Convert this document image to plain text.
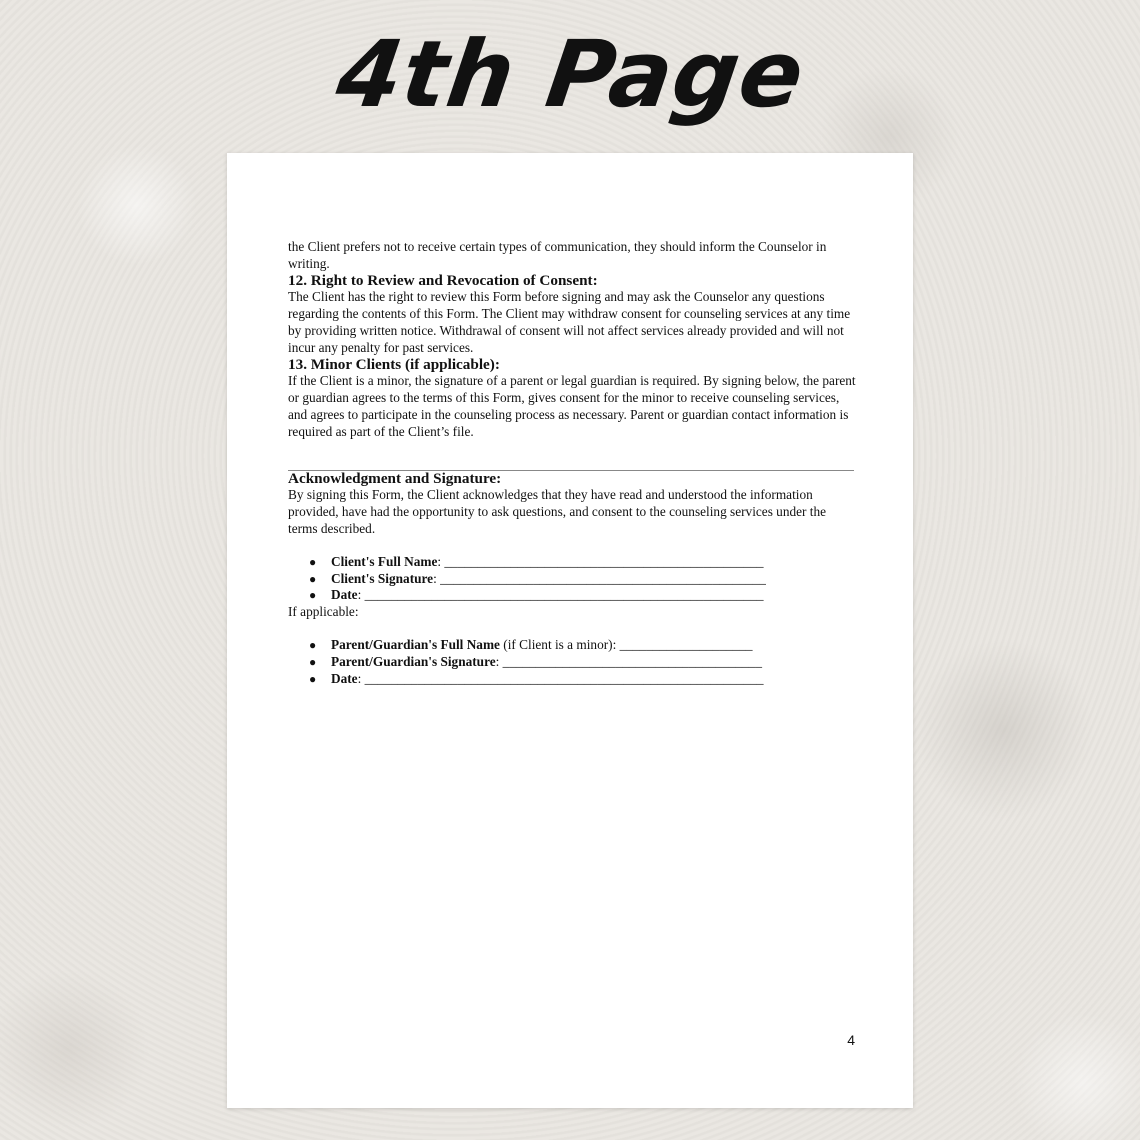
4th Page

the Client prefers not to receive certain types of communication, they should inform the Counselor in writing.

12. Right to Review and Revocation of Consent:

The Client has the right to review this Form before signing and may ask the Counselor any questions regarding the contents of this Form. The Client may withdraw consent for counseling services at any time by providing written notice. Withdrawal of consent will not affect services already provided and will not incur any penalty for past services.

13. Minor Clients (if applicable):

If the Client is a minor, the signature of a parent or legal guardian is required. By signing below, the parent or guardian agrees to the terms of this Form, gives consent for the minor to receive counseling services, and agrees to participate in the counseling process as necessary. Parent or guardian contact information is required as part of the Client’s file.

Acknowledgment and Signature:

By signing this Form, the Client acknowledges that they have read and understood the information provided, have had the opportunity to ask questions, and consent to the counseling services under the terms described.

● Client's Full Name: ________________________________________________
● Client's Signature: _________________________________________________
● Date: ____________________________________________________________

If applicable:

● Parent/Guardian's Full Name (if Client is a minor): ____________________
● Parent/Guardian's Signature: _______________________________________
● Date: ____________________________________________________________
4
